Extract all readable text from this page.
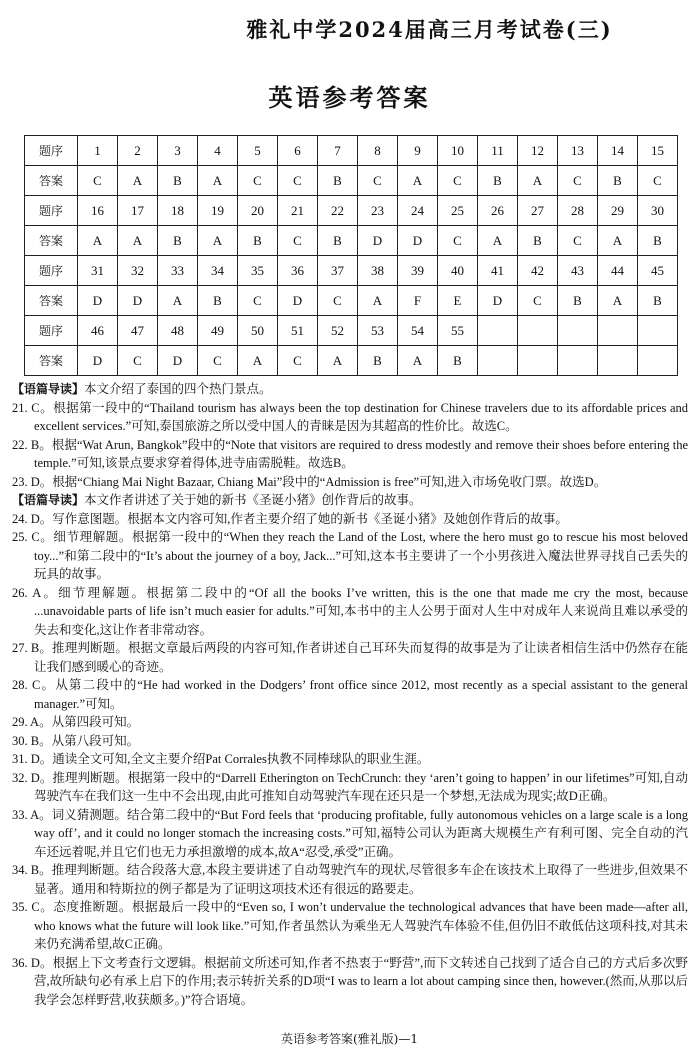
雅礼中学2024届高三月考试卷(三)
英语参考答案
题序	1	2	3	4	5	6	7	8	9	10	11	12	13	14	15
答案	C	A	B	A	C	C	B	C	A	C	B	A	C	B	C
题序	16	17	18	19	20	21	22	23	24	25	26	27	28	29	30
答案	A	A	B	A	B	C	B	D	D	C	A	B	C	A	B
题序	31	32	33	34	35	36	37	38	39	40	41	42	43	44	45
答案	D	D	A	B	C	D	C	A	F	E	D	C	B	A	B
题序	46	47	48	49	50	51	52	53	54	55					
答案	D	C	D	C	A	C	A	B	A	B					

【语篇导读】本文介绍了泰国的四个热门景点。

21. C。根据第一段中的“Thailand tourism has always been the top destination for Chinese travelers due to its affordable prices and excellent services.”可知,泰国旅游之所以受中国人的青睐是因为其超高的性价比。故选C。

22. B。根据“Wat Arun, Bangkok”段中的“Note that visitors are required to dress modestly and remove their shoes before entering the temple.”可知,该景点要求穿着得体,进寺庙需脱鞋。故选B。

23. D。根据“Chiang Mai Night Bazaar, Chiang Mai”段中的“Admission is free”可知,进入市场免收门票。故选D。

【语篇导读】本文作者讲述了关于她的新书《圣诞小猪》创作背后的故事。

24. D。写作意图题。根据本文内容可知,作者主要介绍了她的新书《圣诞小猪》及她创作背后的故事。

25. C。细节理解题。根据第一段中的“When they reach the Land of the Lost, where the hero must go to rescue his most beloved toy...”和第二段中的“It’s about the journey of a boy, Jack...”可知,这本书主要讲了一个小男孩进入魔法世界寻找自己丢失的玩具的故事。

26. A。细节理解题。根据第二段中的“Of all the books I’ve written, this is the one that made me cry the most, because ...unavoidable parts of life isn’t much easier for adults.”可知,本书中的主人公男于面对人生中对成年人来说尚且难以承受的失去和变化,这让作者非常动容。

27. B。推理判断题。根据文章最后两段的内容可知,作者讲述自己耳环失而复得的故事是为了让读者相信生活中仍然存在能让我们感到暖心的奇迹。

28. C。从第二段中的“He had worked in the Dodgers’ front office since 2012, most recently as a special assistant to the general manager.”可知。

29. A。从第四段可知。

30. B。从第八段可知。

31. D。通读全文可知,全文主要介绍Pat Corrales执教不同棒球队的职业生涯。

32. D。推理判断题。根据第一段中的“Darrell Etherington on TechCrunch: they ‘aren’t going to happen’ in our lifetimes”可知,自动驾驶汽车在我们这一生中不会出现,由此可推知自动驾驶汽车现在还只是一个梦想,无法成为现实;故D正确。

33. A。词义猜测题。结合第二段中的“But Ford feels that ‘producing profitable, fully autonomous vehicles on a large scale is a long way off’, and it could no longer stomach the increasing costs.”可知,福特公司认为距离大规模生产有利可图、完全自动的汽车还远着呢,并且它们也无力承担激增的成本,故A“忍受,承受”正确。

34. B。推理判断题。结合段落大意,本段主要讲述了自动驾驶汽车的现状,尽管很多车企在该技术上取得了一些进步,但效果不显著。通用和特斯拉的例子都是为了证明这项技术还有很远的路要走。

35. C。态度推断题。根据最后一段中的“Even so, I won’t undervalue the technological advances that have been made—after all, who knows what the future will look like.”可知,作者虽然认为乘坐无人驾驶汽车体验不佳,但仍旧不敢低估这项科技,对其未来仍充满希望,故C正确。

36. D。根据上下文考查行文逻辑。根据前文所述可知,作者不热衷于“野营”,而下文转述自己找到了适合自己的方式后多次野营,故所缺句必有承上启下的作用;表示转折关系的D项“I was to learn a lot about camping since then, however.(然而,从那以后我学会怎样野营,收获颇多。)”符合语境。

英语参考答案(雅礼版)—1
